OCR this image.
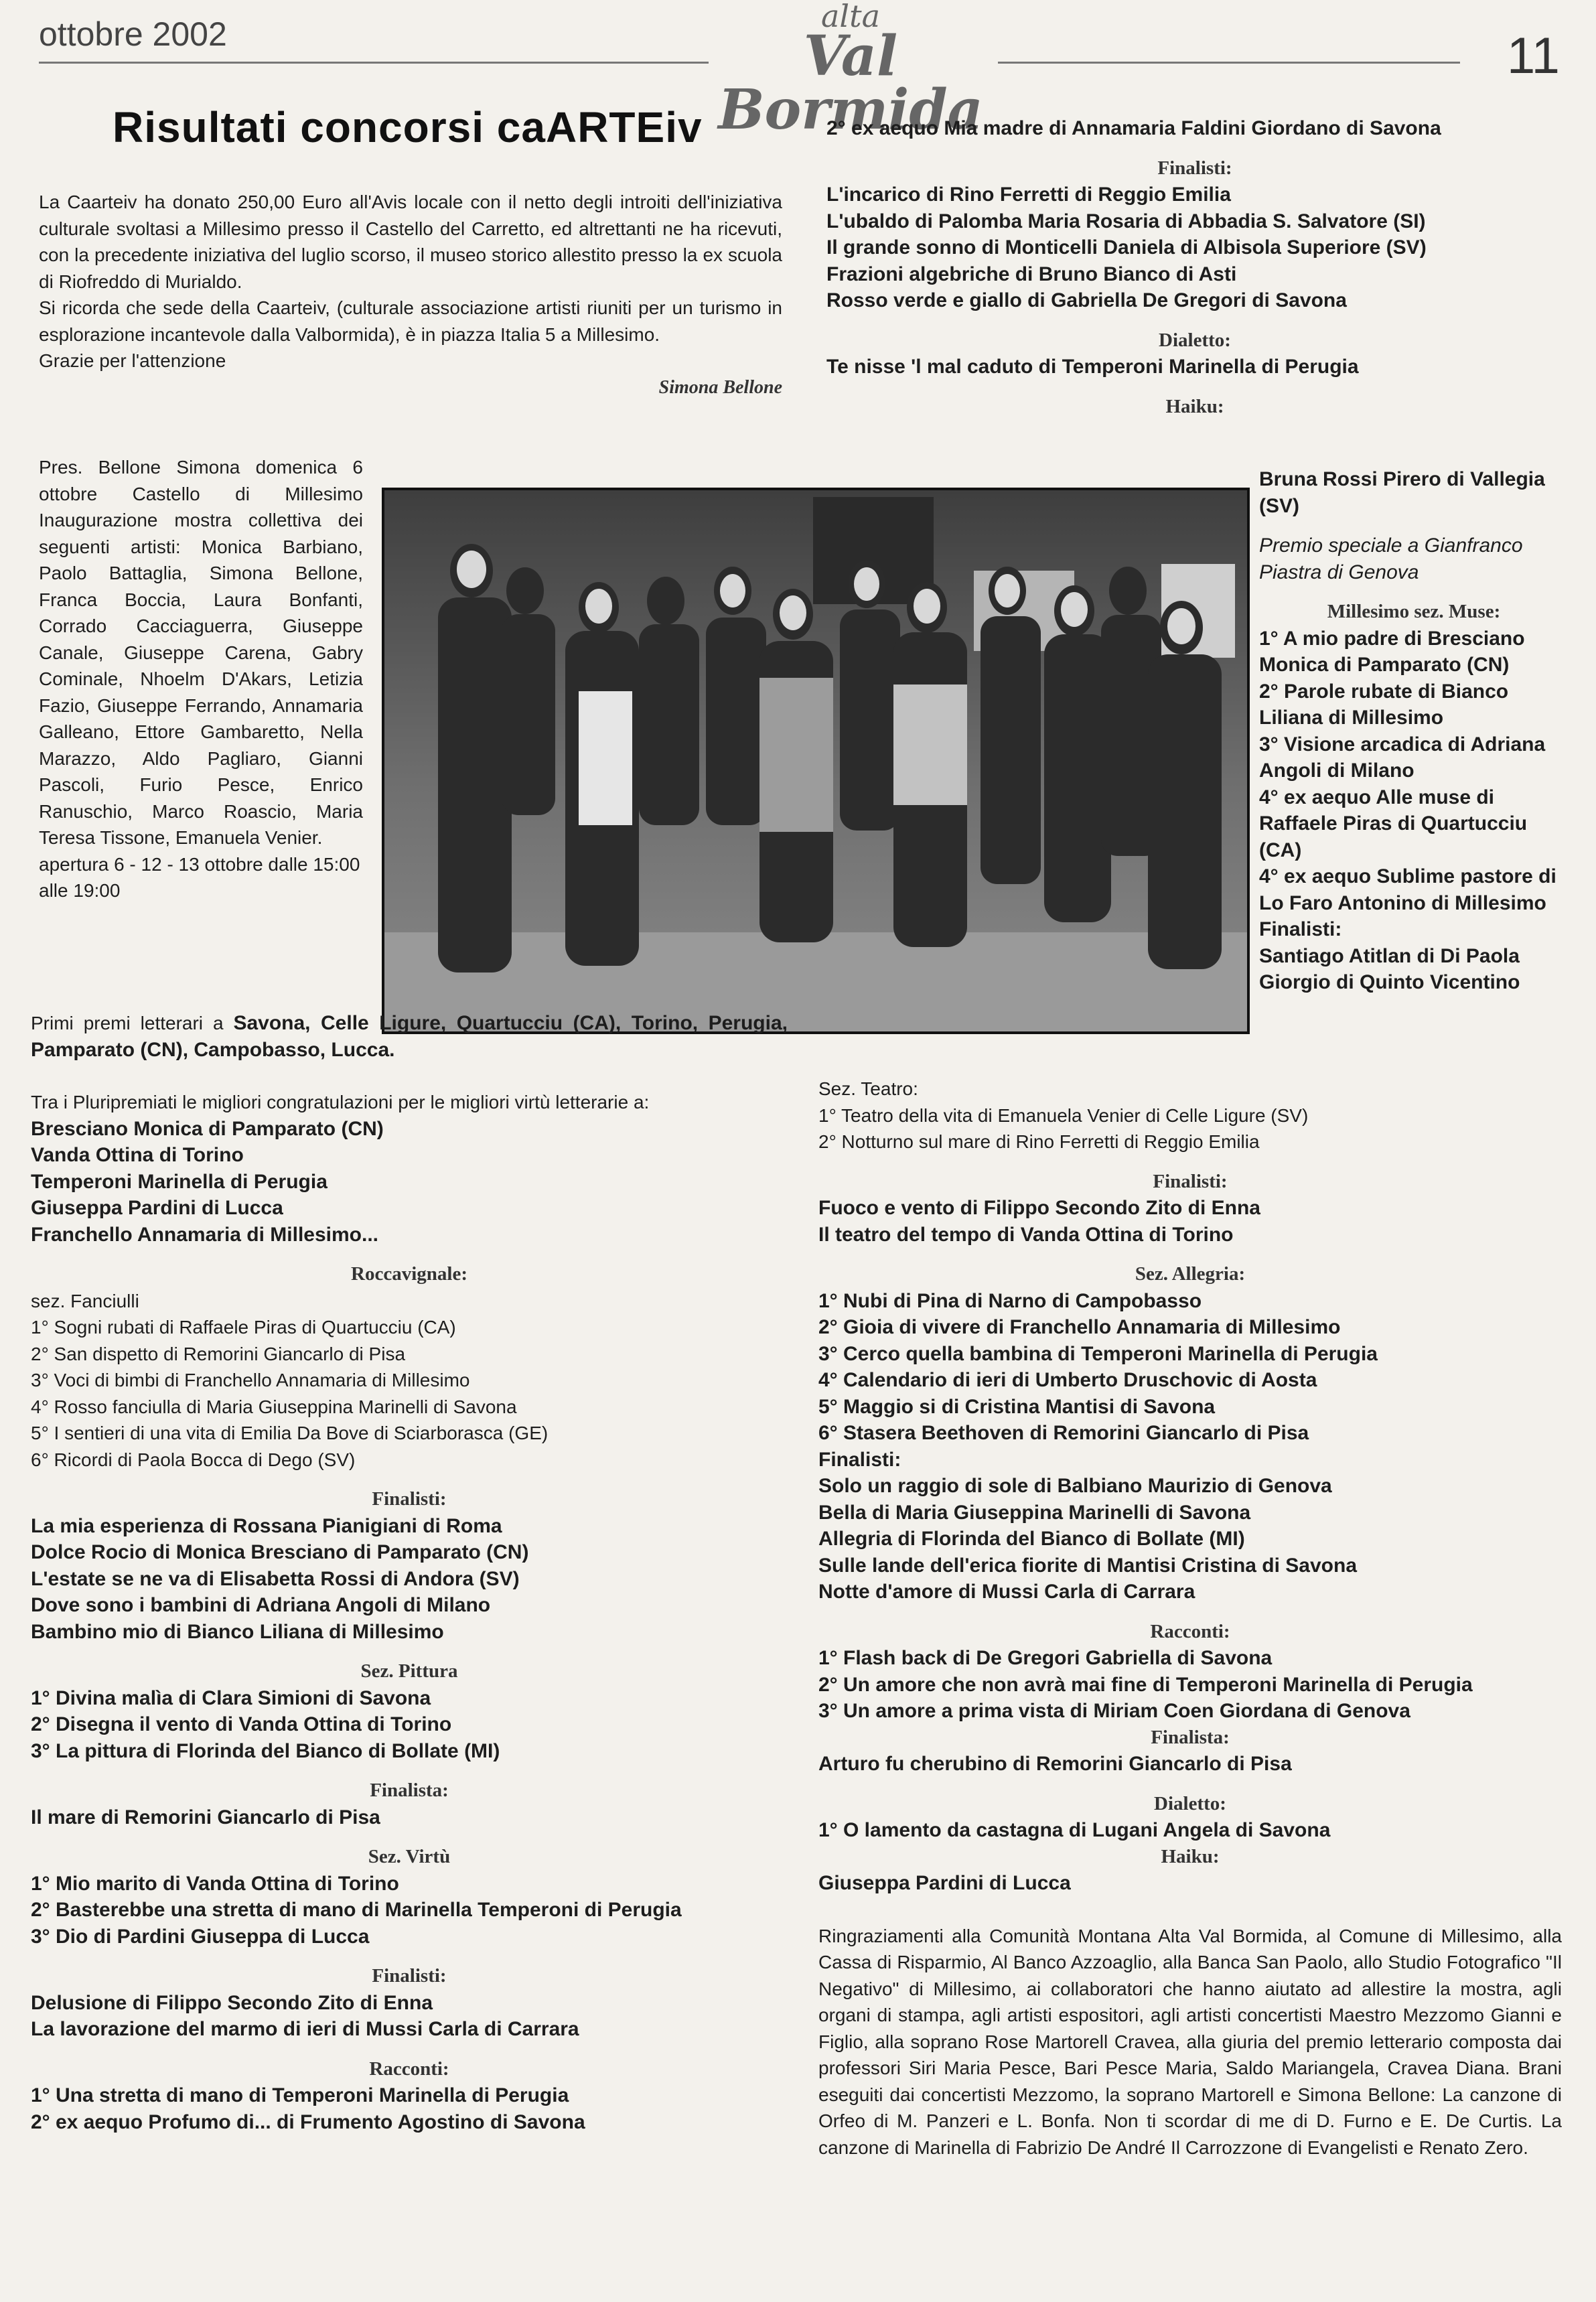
ottobre 2002	alta
Val Bormida
11

Risultati concorsi caARTEiv

La Caarteiv ha donato 250,00 Euro all'Avis locale con il netto degli introiti dell'iniziativa culturale svoltasi a Millesimo presso il Castello del Carretto, ed altrettanti ne ha ricevuti, con la precedente iniziativa del luglio scorso, il museo storico allestito presso la ex scuola di Riofreddo di Murialdo.

Si ricorda che sede della Caarteiv, (culturale associazione artisti riuniti per un turismo in esplorazione incantevole dalla Valbormida), è in piazza Italia 5 a Millesimo.

Grazie per l'attenzione

Simona Bellone

Pres. Bellone Simona domenica 6 ottobre Castello di Millesimo Inaugurazione mostra collettiva dei seguenti artisti: Monica Barbiano, Paolo Battaglia, Simona Bellone, Franca Boccia, Laura Bonfanti, Corrado Cacciaguerra, Giuseppe Canale, Giuseppe Carena, Gabry Cominale, Nhoelm D'Akars, Letizia Fazio, Giuseppe Ferrando, Annamaria Galleano, Ettore Gambaretto, Nella Marazzo, Aldo Pagliaro, Gianni Pascoli, Furio Pesce, Enrico Ranuschio, Marco Roascio, Maria Teresa Tissone, Emanuela Venier.

apertura 6 - 12 - 13 ottobre dalle 15:00 alle 19:00

Primi premi letterari a Savona, Celle Ligure, Quartucciu (CA), Torino, Perugia, Pamparato (CN), Campobasso, Lucca.

Tra i Pluripremiati le migliori congratulazioni per le migliori virtù letterarie a:

Bresciano Monica di Pamparato (CN)

Vanda Ottina di Torino

Temperoni Marinella di Perugia

Giuseppa Pardini di Lucca

Franchello Annamaria di Millesimo...

Roccavignale:

sez. Fanciulli

1° Sogni rubati di Raffaele Piras di Quartucciu (CA)

2° San dispetto di Remorini Giancarlo di Pisa

3° Voci di bimbi di Franchello Annamaria di Millesimo

4° Rosso fanciulla di Maria Giuseppina Marinelli di Savona

5° I sentieri di una vita di Emilia Da Bove di Sciarborasca (GE)

6° Ricordi di Paola Bocca di Dego (SV)

Finalisti:

La mia esperienza di Rossana Pianigiani di Roma

Dolce Rocio di Monica Bresciano di Pamparato (CN)

L'estate se ne va di Elisabetta Rossi di Andora (SV)

Dove sono i bambini di Adriana Angoli di Milano

Bambino mio di Bianco Liliana di Millesimo

Sez. Pittura

1° Divina malìa di Clara Simioni di Savona

2° Disegna il vento di Vanda Ottina di Torino

3° La pittura di Florinda del Bianco di Bollate (MI)

Finalista:

Il mare di Remorini Giancarlo di Pisa

Sez. Virtù

1° Mio marito di Vanda Ottina di Torino

2° Basterebbe una stretta di mano di Marinella Temperoni di Perugia

3° Dio di Pardini Giuseppa di Lucca

Finalisti:

Delusione di Filippo Secondo Zito di Enna

La lavorazione del marmo di ieri di Mussi Carla di Carrara

Racconti:

1° Una stretta di mano di Temperoni Marinella di Perugia

2° ex aequo Profumo di... di Frumento Agostino di Savona

2° ex aequo Mia madre di Annamaria Faldini Giordano di Savona

Finalisti:

L'incarico di Rino Ferretti di Reggio Emilia

L'ubaldo di Palomba Maria Rosaria di Abbadia S. Salvatore (SI)

Il grande sonno di Monticelli Daniela di Albisola Superiore (SV)

Frazioni algebriche di Bruno Bianco di Asti

Rosso verde e giallo di Gabriella De Gregori di Savona

Dialetto:

Te nisse 'l mal caduto di Temperoni Marinella di Perugia

Haiku:

Bruna Rossi Pirero di Vallegia (SV)

Premio speciale a Gianfranco Piastra di Genova

Millesimo sez. Muse:

1° A mio padre di Bresciano Monica di Pamparato (CN)

2° Parole rubate di Bianco Liliana di Millesimo

3° Visione arcadica di Adriana Angoli di Milano

4° ex aequo Alle muse di Raffaele Piras di Quartucciu (CA)

4° ex aequo Sublime pastore di Lo Faro Antonino di Millesimo

Finalisti:

Santiago Atitlan di Di Paola

Giorgio di Quinto Vicentino

Sez. Teatro:

1° Teatro della vita di Emanuela Venier di Celle Ligure (SV)

2° Notturno sul mare di Rino Ferretti di Reggio Emilia

Finalisti:

Fuoco e vento di Filippo Secondo Zito di Enna

Il teatro del tempo di Vanda Ottina di Torino

Sez. Allegria:

1° Nubi di Pina di Narno di Campobasso

2° Gioia di vivere di Franchello Annamaria di Millesimo

3° Cerco quella bambina di Temperoni Marinella di Perugia

4° Calendario di ieri di Umberto Druschovic di Aosta

5° Maggio si di Cristina Mantisi di Savona

6° Stasera Beethoven di Remorini Giancarlo di Pisa

Finalisti:

Solo un raggio di sole di Balbiano Maurizio di Genova

Bella di Maria Giuseppina Marinelli di Savona

Allegria di Florinda del Bianco di Bollate (MI)

Sulle lande dell'erica fiorite di Mantisi Cristina di Savona

Notte d'amore di Mussi Carla di Carrara

Racconti:

1° Flash back di De Gregori Gabriella di Savona

2° Un amore che non avrà mai fine di Temperoni Marinella di Perugia

3° Un amore a prima vista di Miriam Coen Giordana di Genova

Finalista:

Arturo fu cherubino di Remorini Giancarlo di Pisa

Dialetto:

1° O lamento da castagna di Lugani Angela di Savona

Haiku:

Giuseppa Pardini di Lucca

Ringraziamenti alla Comunità Montana Alta Val Bormida, al Comune di Millesimo, alla Cassa di Risparmio, Al Banco Azzoaglio, alla Banca San Paolo, allo Studio Fotografico "Il Negativo" di Millesimo, ai collaboratori che hanno aiutato ad allestire la mostra, agli organi di stampa, agli artisti espositori, agli artisti concertisti Maestro Mezzomo Gianni e Figlio, alla soprano Rose Martorell Cravea, alla giuria del premio letterario composta dai professori Siri Maria Pesce, Bari Pesce Maria, Saldo Mariangela, Cravea Diana. Brani eseguiti dai concertisti Mezzomo, la soprano Martorell e Simona Bellone: La canzone di Orfeo di M. Panzeri e L. Bonfa. Non ti scordar di me di D. Furno e E. De Curtis. La canzone di Marinella di Fabrizio De André Il Carrozzone di Evangelisti e Renato Zero.
